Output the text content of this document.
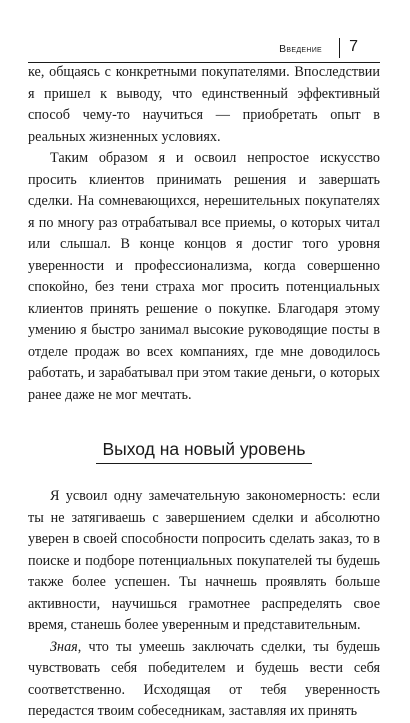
Введение 7

ке, общаясь с конкретными покупателями. Впоследствии я пришел к выводу, что единственный эффективный способ чему-то научиться — приобретать опыт в реальных жизненных условиях.

Таким образом я и освоил непростое искусство просить клиентов принимать решения и завершать сделки. На сомневающихся, нерешительных покупателях я по многу раз отрабатывал все приемы, о которых читал или слышал. В конце концов я достиг того уровня уверенности и профессионализма, когда совершенно спокойно, без тени страха мог просить потенциальных клиентов принять решение о покупке. Благодаря этому умению я быстро занимал высокие руководящие посты в отделе продаж во всех компаниях, где мне доводилось работать, и зарабатывал при этом такие деньги, о которых ранее даже не мог мечтать.

Выход на новый уровень

Я усвоил одну замечательную закономерность: если ты не затягиваешь с завершением сделки и абсолютно уверен в своей способности попросить сделать заказ, то в поиске и подборе потенциальных покупателей ты будешь также более успешен. Ты начнешь проявлять больше активности, научишься грамотнее распределять свое время, станешь более уверенным и представительным.

Зная, что ты умеешь заключать сделки, ты будешь чувствовать себя победителем и будешь вести себя соответственно. Исходящая от тебя уверенность передастся твоим собеседникам, заставляя их принять
